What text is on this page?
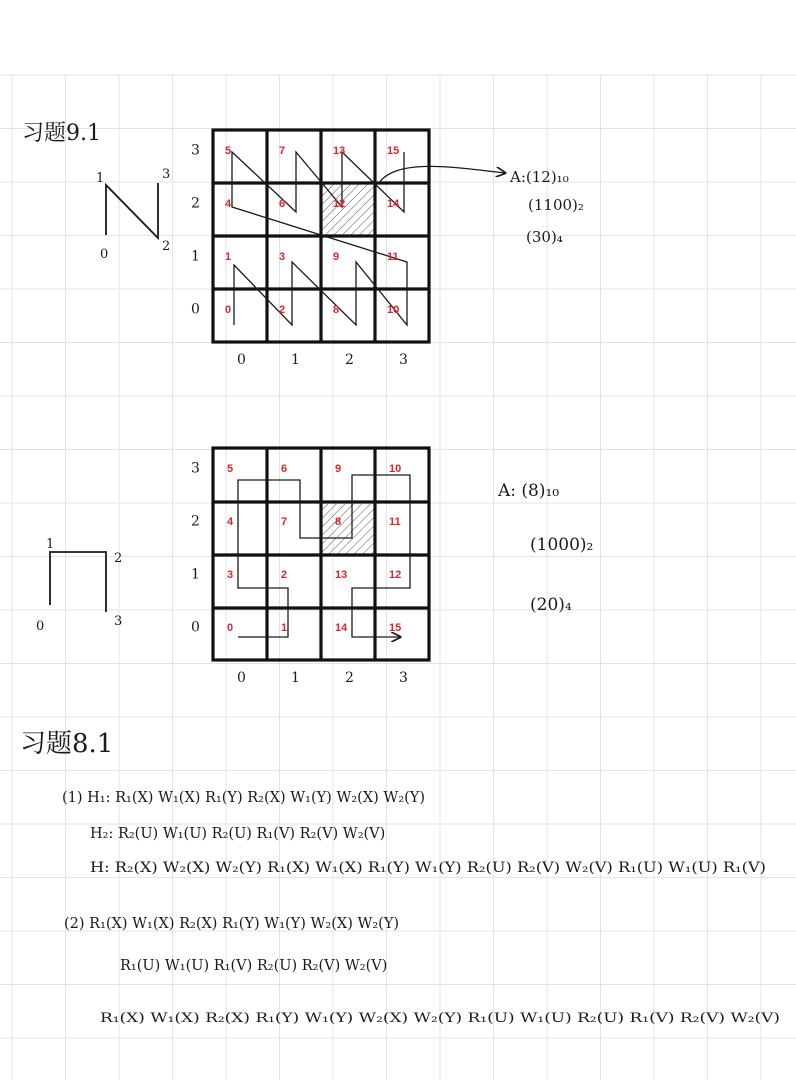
习题9.1
1
0
2
3
5	7	13	15
4	6	12	14
1	3	9	11
0	2	8	10
3
2
1
0
0	1	2	3
A:(12)₁₀
(1100)₂
(30)₄
1
0
2
3
5	6	9	10
4	7	8	11
3	2	13	12
0	1	14	15
3
2
1
0
0	1	2	3
A: (8)₁₀
(1000)₂
(20)₄
习题8.1
(1) H₁: R₁(X) W₁(X) R₁(Y) R₂(X) W₁(Y) W₂(X) W₂(Y)
H₂: R₂(U) W₁(U) R₂(U) R₁(V) R₂(V) W₂(V)
H: R₂(X) W₂(X) W₂(Y) R₁(X) W₁(X) R₁(Y) W₁(Y) R₂(U) R₂(V) W₂(V) R₁(U) W₁(U) R₁(V)
(2) R₁(X) W₁(X) R₂(X) R₁(Y) W₁(Y) W₂(X) W₂(Y)
R₁(U) W₁(U) R₁(V) R₂(U) R₂(V) W₂(V)
R₁(X) W₁(X) R₂(X) R₁(Y) W₁(Y) W₂(X) W₂(Y) R₁(U) W₁(U) R₂(U) R₁(V) R₂(V) W₂(V)
